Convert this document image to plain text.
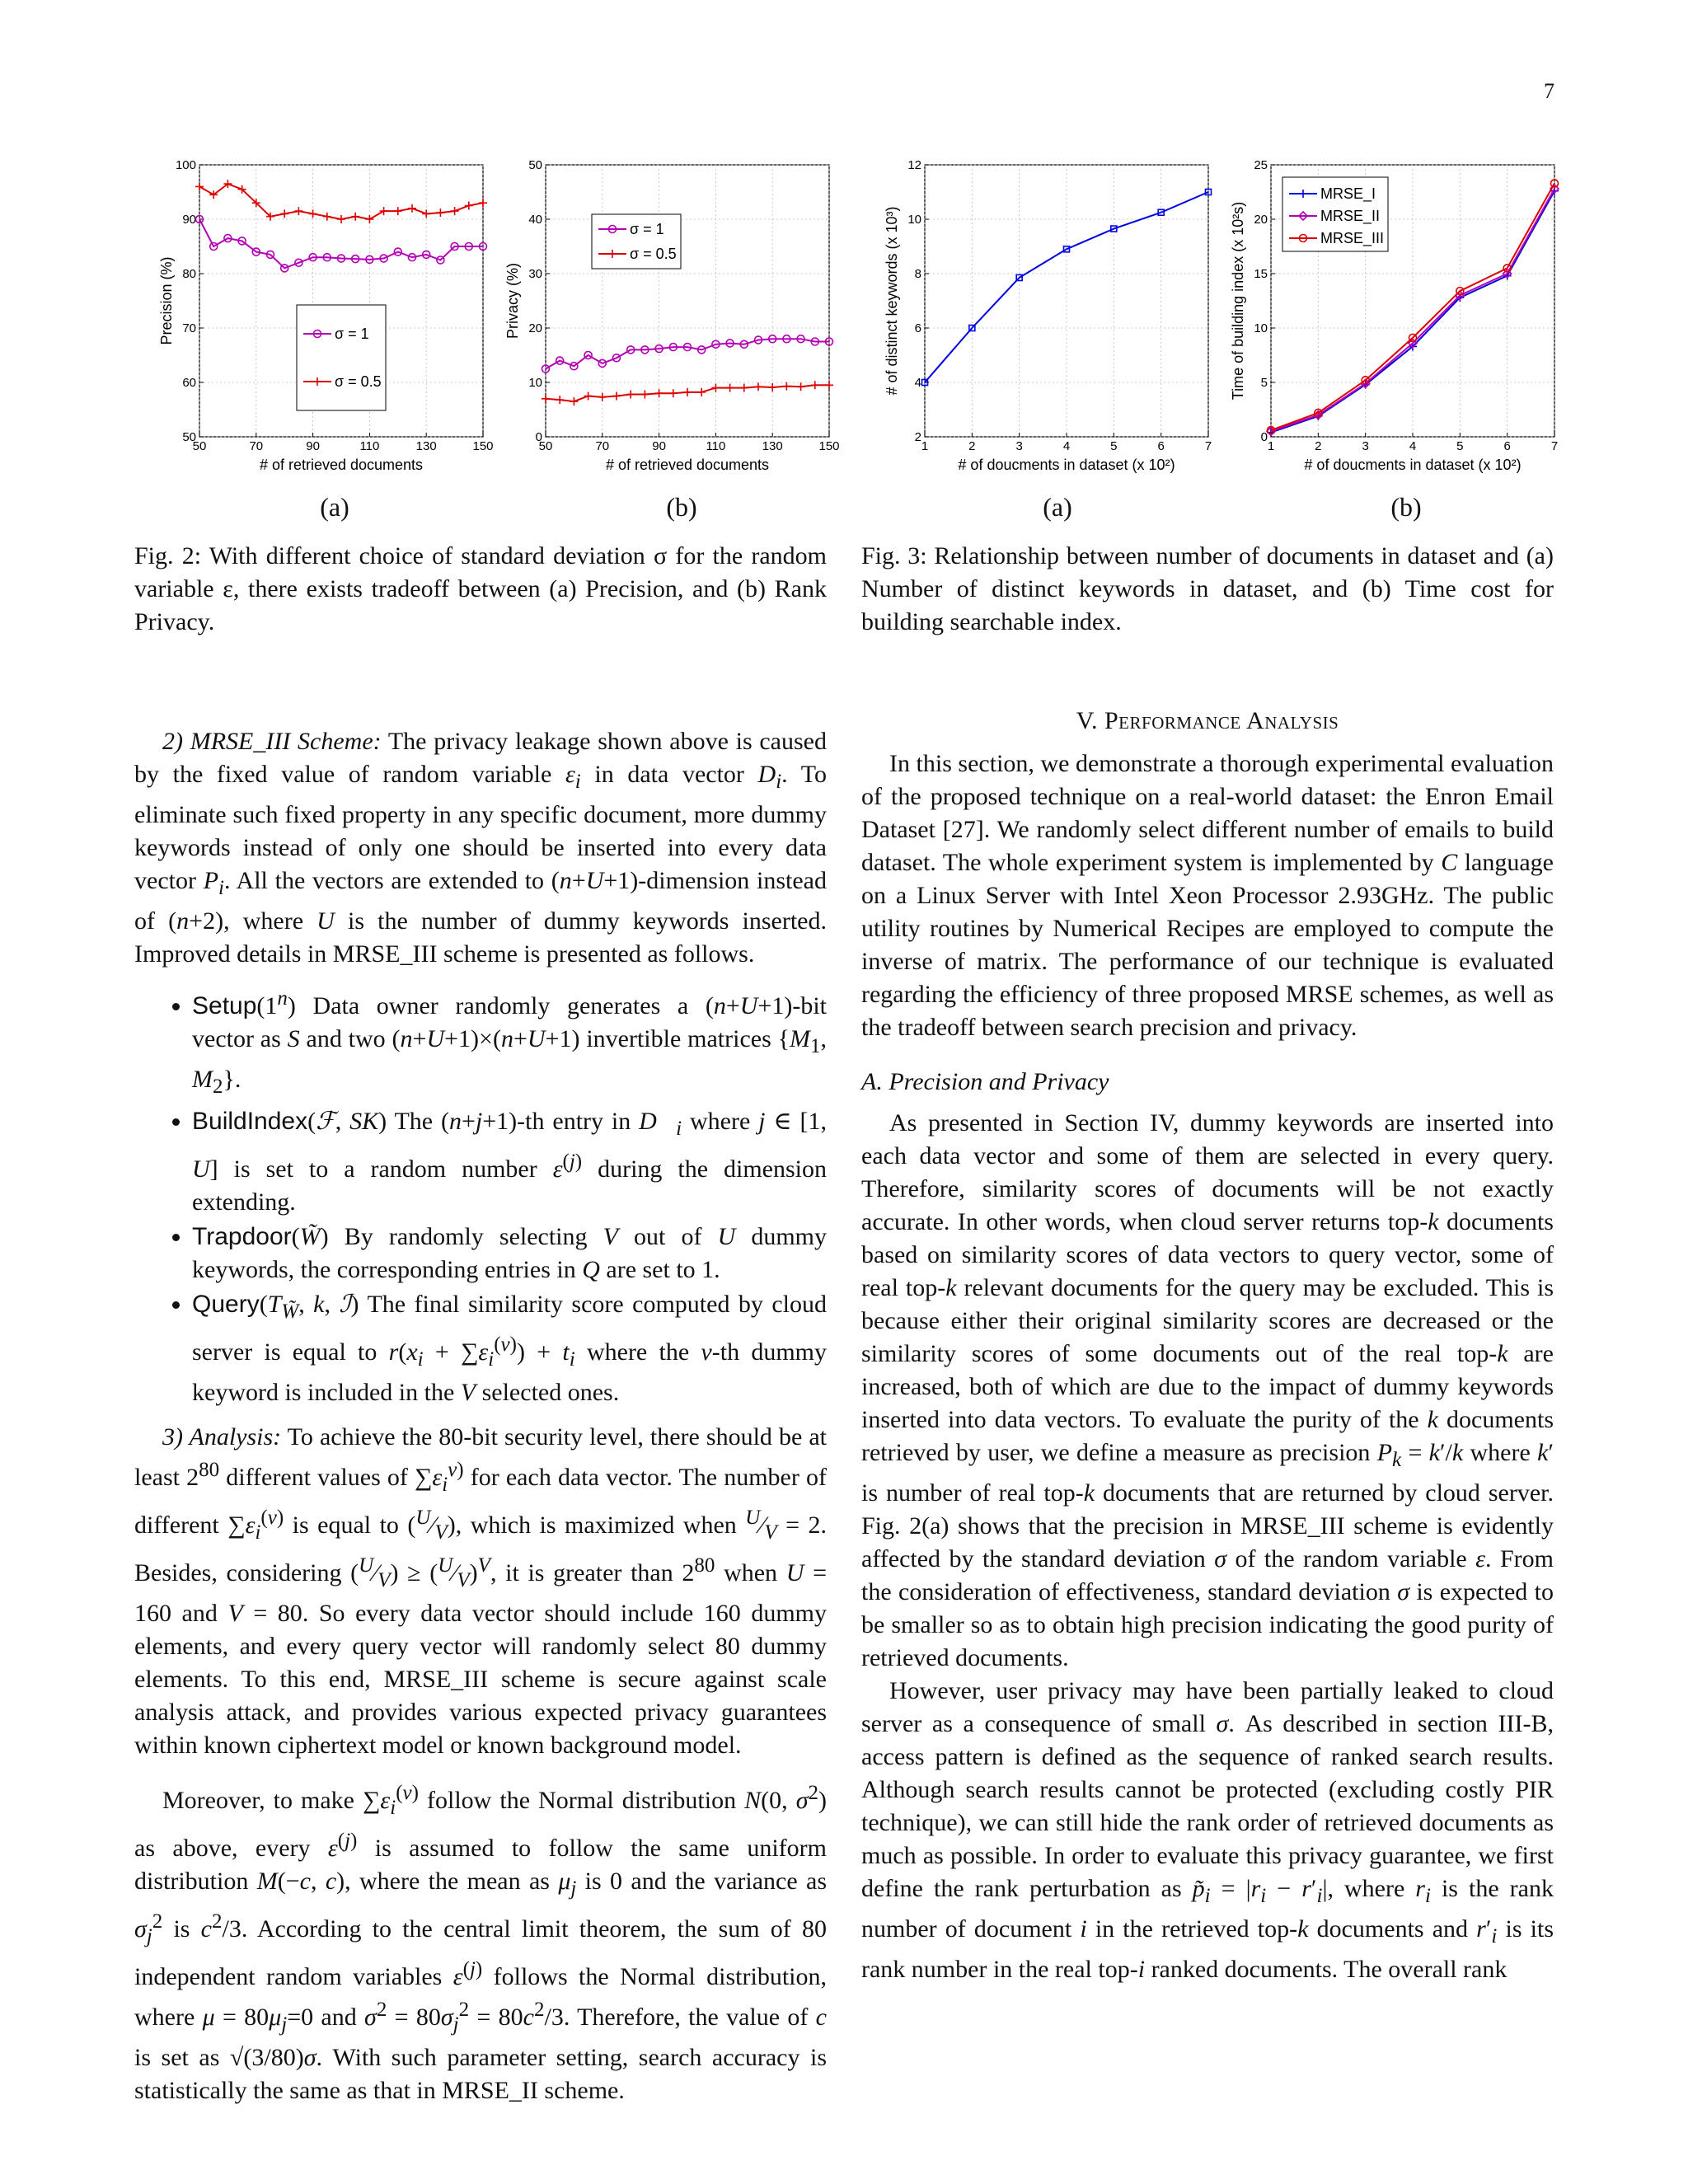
7
50	70	90	110	130	150
50
60
70
80
90
100
# of retrieved documents
Precision (%)	σ = 1
σ = 0.5
50	70	90	110	130	150
0
10
20
30
40
50
# of retrieved documents
Privacy (%)
σ = 1
σ = 0.5
(a)	(b)
Fig. 2: With different choice of standard deviation σ for the random variable ε, there exists tradeoff between (a) Precision, and (b) Rank Privacy.
1	2	3	4	5	6	7
2
4
6
8
10
12
# of doucments in dataset (x 10²)
# of distinct keywords (x 10³)
1	2	3	4	5	6	7
0
5
10
15
20
25
# of doucments in dataset (x 10²)
Time of building index (x 10²s)
MRSE_I
MRSE_II
MRSE_III
(a)	(b)
Fig. 3: Relationship between number of documents in dataset and (a) Number of distinct keywords in dataset, and (b) Time cost for building searchable index.

2) MRSE_III Scheme: The privacy leakage shown above is caused by the fixed value of random variable $\varepsilon_i$ in data vector $D_i$. To eliminate such fixed property in any specific document, more dummy keywords instead of only one should be inserted into every data vector $P_i$. All the vectors are extended to (n+U+1)-dimension instead of (n+2), where U is the number of dummy keywords inserted. Improved details in MRSE_III scheme is presented as follows.

• Setup(1$^n$) Data owner randomly generates a (n+U+1)-bit vector as S and two (n+U+1)×(n+U+1) invertible matrices {$M_1$, $M_2$}.
• BuildIndex(ℱ, SK) The (n+j+1)-th entry in $D⃗_i$ where j ∈ [1, U] is set to a random number $\varepsilon^{(j)}$ during the dimension extending.
• Trapdoor(W̃) By randomly selecting V out of U dummy keywords, the corresponding entries in Q are set to 1.
• $Query(T_{W̃}$, k, ℐ) The final similarity score computed by cloud server is equal to $r(x_i + \sum\varepsilon_i^{(v)}) + t_i$ where the v-th dummy keyword is included in the V selected ones.

3) Analysis: To achieve the 80-bit security level, there should be at least $2^{80}$ different values of $\sum\varepsilon_i^{v)}$ for each data vector. The number of different $\sum\varepsilon_i^{(v)}$ is equal to $(^U⁄_V)$, which is maximized when $^U⁄_V = 2$. Besides, considering $(^U⁄_V)$ ≥ $(^U⁄_V)^V$, it is greater than $2^{80}$ when U = 160 and V = 80. So every data vector should include 160 dummy elements, and every query vector will randomly select 80 dummy elements. To this end, MRSE_III scheme is secure against scale analysis attack, and provides various expected privacy guarantees within known ciphertext model or known background model.

Moreover, to make $\sum\varepsilon_i^{(v)}$ follow the Normal distribution N(0, $\sigma^2$) as above, every $\varepsilon^{(j)}$ is assumed to follow the same uniform distribution M(−c, c), where the mean as $\mu_j$ is 0 and the variance as $\sigma_j^2$ is $c^2/3$. According to the central limit theorem, the sum of 80 independent random variables $\varepsilon^{(j)}$ follows the Normal distribution, where $\mu = 80\mu_j=0$ and $\sigma^2 = 80\sigma_j^2 = 80c^2/3$. Therefore, the value of c is set as √(3/80)σ. With such parameter setting, search accuracy is statistically the same as that in MRSE_II scheme.

V. Performance Analysis

In this section, we demonstrate a thorough experimental evaluation of the proposed technique on a real-world dataset: the Enron Email Dataset [27]. We randomly select different number of emails to build dataset. The whole experiment system is implemented by C language on a Linux Server with Intel Xeon Processor 2.93GHz. The public utility routines by Numerical Recipes are employed to compute the inverse of matrix. The performance of our technique is evaluated regarding the efficiency of three proposed MRSE schemes, as well as the tradeoff between search precision and privacy.

A. Precision and Privacy

As presented in Section IV, dummy keywords are inserted into each data vector and some of them are selected in every query. Therefore, similarity scores of documents will be not exactly accurate. In other words, when cloud server returns top-k documents based on similarity scores of data vectors to query vector, some of real top-k relevant documents for the query may be excluded. This is because either their original similarity scores are decreased or the similarity scores of some documents out of the real top-k are increased, both of which are due to the impact of dummy keywords inserted into data vectors. To evaluate the purity of the k documents retrieved by user, we define a measure as precision $P_k = k'/k$ where k′ is number of real top-k documents that are returned by cloud server. Fig. 2(a) shows that the precision in MRSE_III scheme is evidently affected by the standard deviation σ of the random variable ε. From the consideration of effectiveness, standard deviation σ is expected to be smaller so as to obtain high precision indicating the good purity of retrieved documents.

However, user privacy may have been partially leaked to cloud server as a consequence of small σ. As described in section III-B, access pattern is defined as the sequence of ranked search results. Although search results cannot be protected (excluding costly PIR technique), we can still hide the rank order of retrieved documents as much as possible. In order to evaluate this privacy guarantee, we first define the rank perturbation as $p̃_i = |r_i - r'_i|$, where $r_i$ is the rank number of document i in the retrieved top-k documents and $r'_i$ is its rank number in the real top-i ranked documents. The overall rank
